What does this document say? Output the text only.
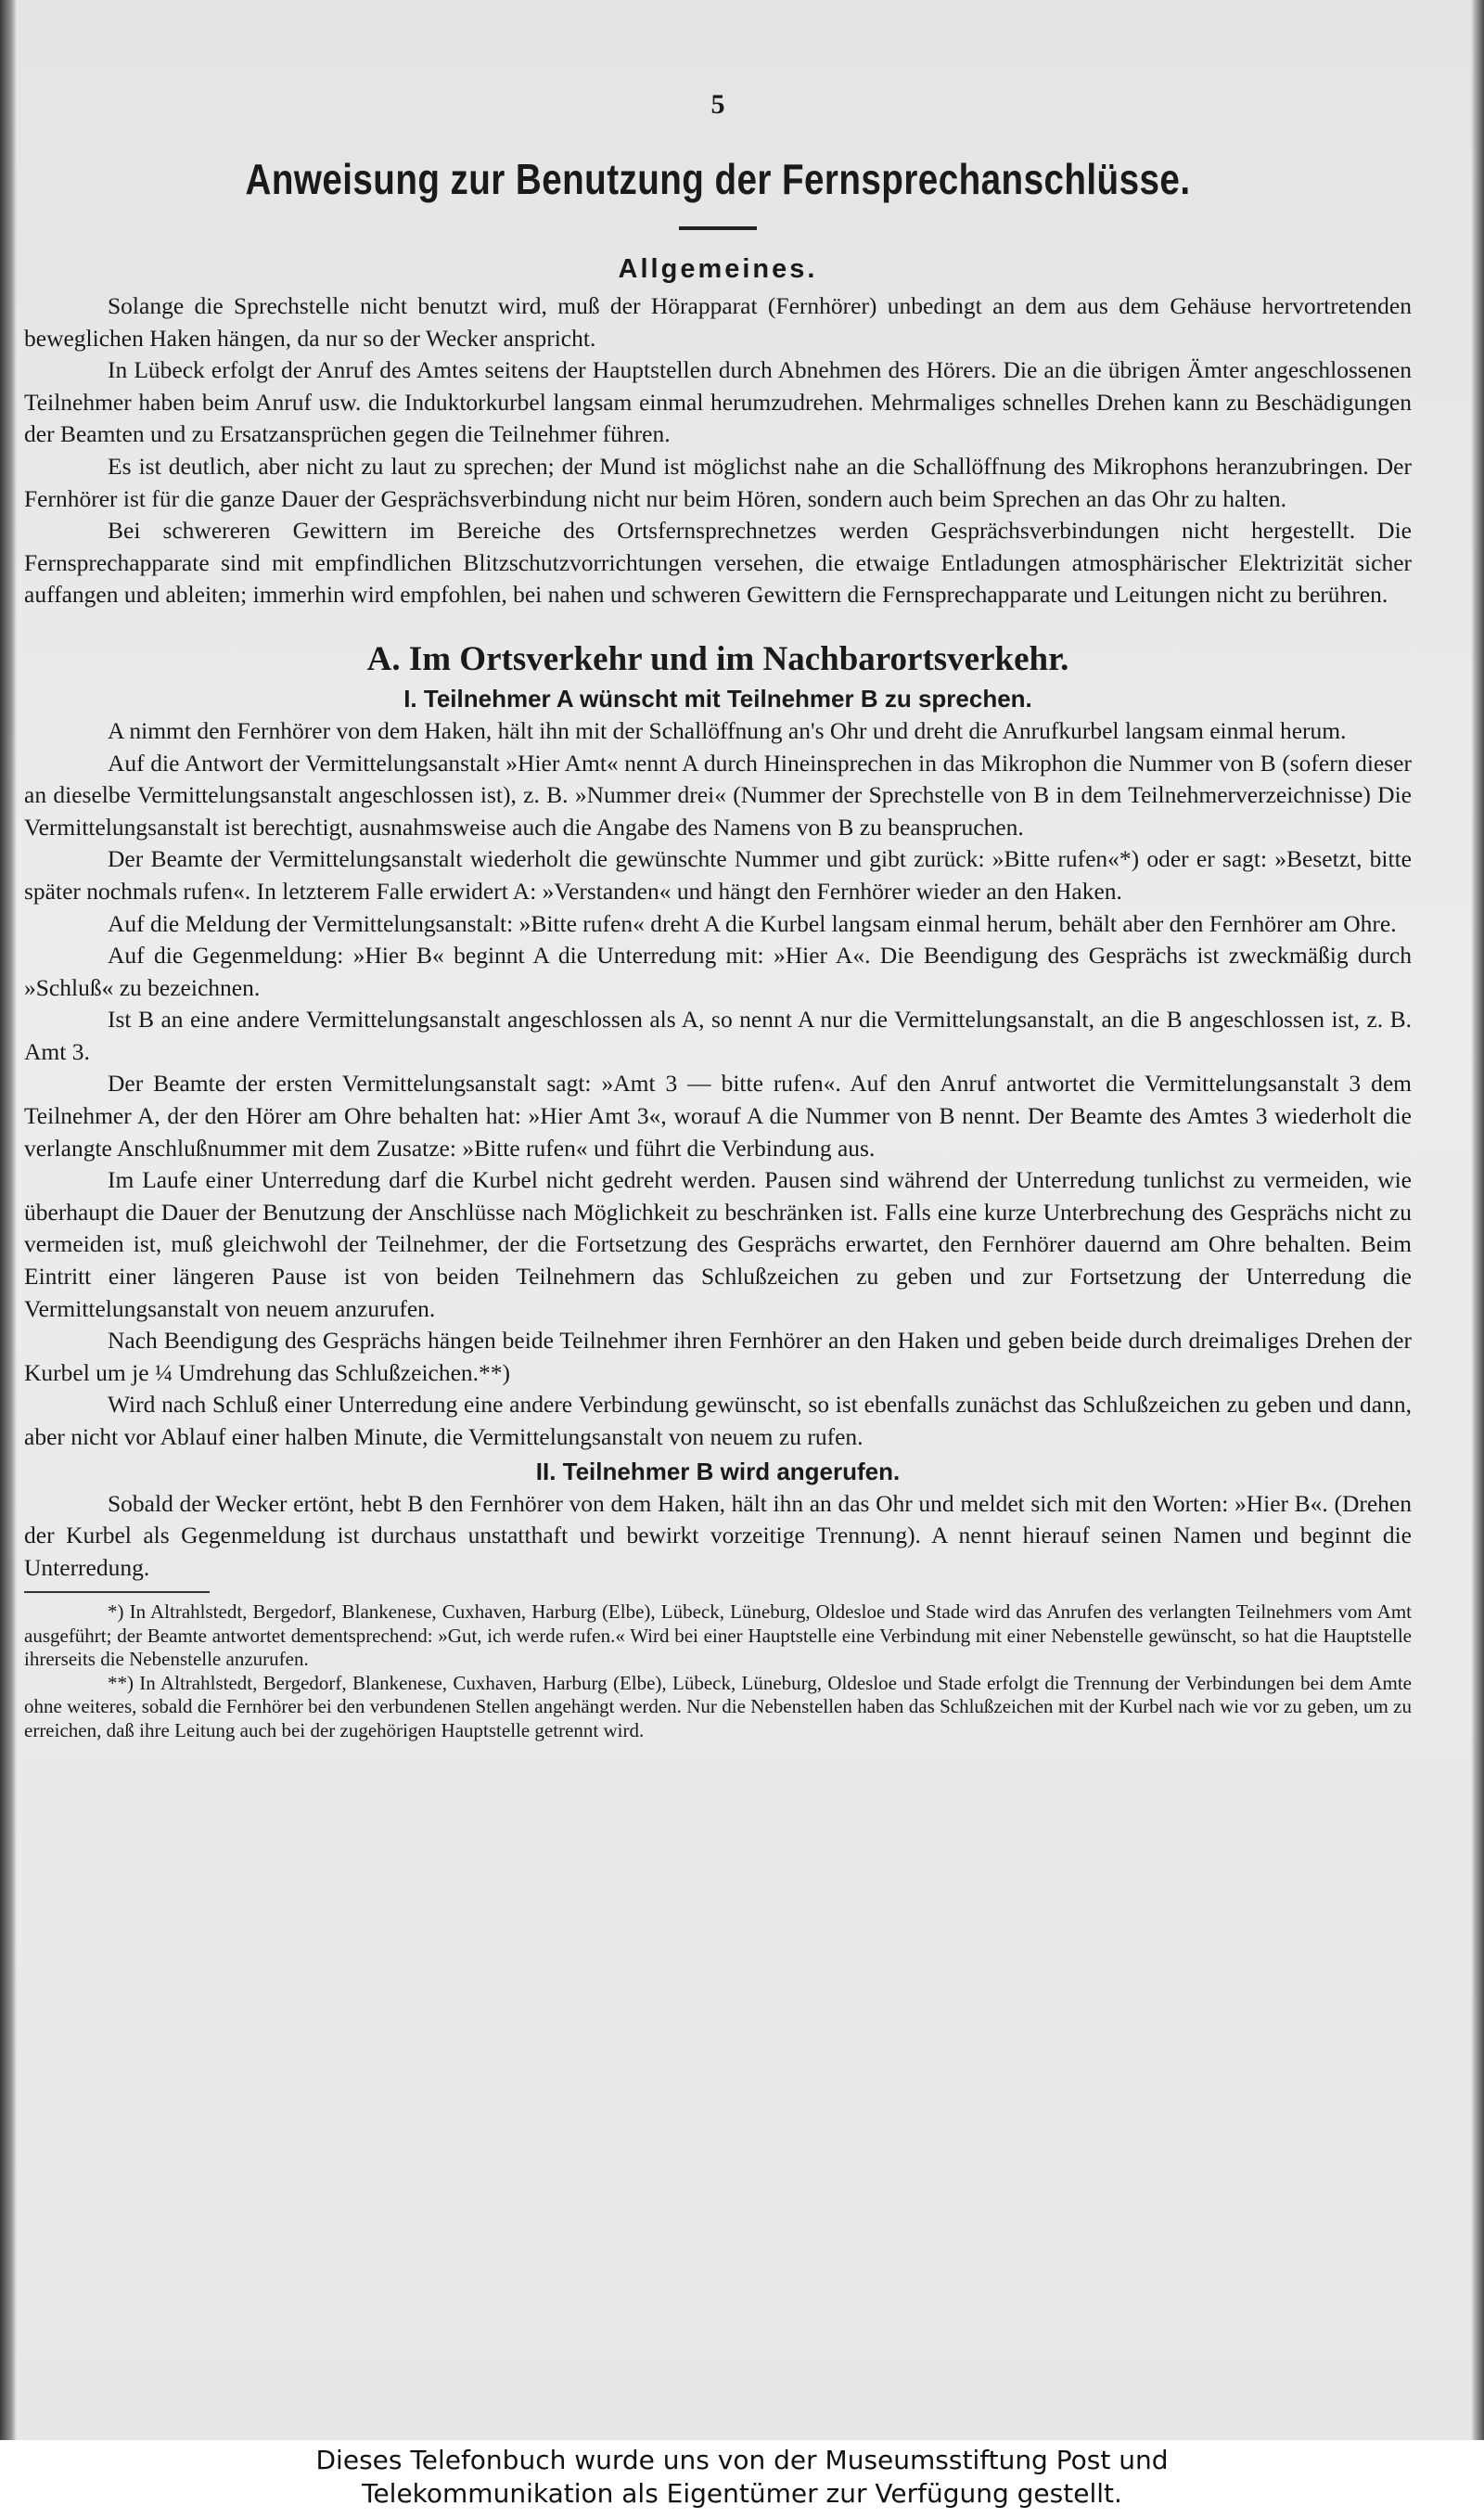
5
Anweisung zur Benutzung der Fernsprechanschlüsse.
Allgemeines.

Solange die Sprechstelle nicht benutzt wird, muß der Hörapparat (Fernhörer) unbedingt an dem aus dem Gehäuse hervortretenden beweglichen Haken hängen, da nur so der Wecker anspricht.

In Lübeck erfolgt der Anruf des Amtes seitens der Hauptstellen durch Abnehmen des Hörers. Die an die übrigen Ämter angeschlossenen Teilnehmer haben beim Anruf usw. die Induktorkurbel langsam einmal herumzudrehen. Mehrmaliges schnelles Drehen kann zu Beschädigungen der Beamten und zu Ersatzansprüchen gegen die Teilnehmer führen.

Es ist deutlich, aber nicht zu laut zu sprechen; der Mund ist möglichst nahe an die Schallöffnung des Mikrophons heranzubringen. Der Fernhörer ist für die ganze Dauer der Gesprächsverbindung nicht nur beim Hören, sondern auch beim Sprechen an das Ohr zu halten.

Bei schwereren Gewittern im Bereiche des Ortsfernsprechnetzes werden Gesprächsverbindungen nicht hergestellt. Die Fernsprechapparate sind mit empfindlichen Blitzschutzvorrichtungen versehen, die etwaige Entladungen atmosphärischer Elektrizität sicher auffangen und ableiten; immerhin wird empfohlen, bei nahen und schweren Gewittern die Fernsprechapparate und Leitungen nicht zu berühren.

A. Im Ortsverkehr und im Nachbarortsverkehr.
I. Teilnehmer A wünscht mit Teilnehmer B zu sprechen.

A nimmt den Fernhörer von dem Haken, hält ihn mit der Schallöffnung an's Ohr und dreht die Anrufkurbel langsam einmal herum.

Auf die Antwort der Vermittelungsanstalt »Hier Amt« nennt A durch Hineinsprechen in das Mikrophon die Nummer von B (sofern dieser an dieselbe Vermittelungsanstalt angeschlossen ist), z. B. »Nummer drei« (Nummer der Sprechstelle von B in dem Teilnehmerverzeichnisse) Die Vermittelungsanstalt ist berechtigt, ausnahmsweise auch die Angabe des Namens von B zu beanspruchen.

Der Beamte der Vermittelungsanstalt wiederholt die gewünschte Nummer und gibt zurück: »Bitte rufen«*) oder er sagt: »Besetzt, bitte später nochmals rufen«. In letzterem Falle erwidert A: »Verstanden« und hängt den Fernhörer wieder an den Haken.

Auf die Meldung der Vermittelungsanstalt: »Bitte rufen« dreht A die Kurbel langsam einmal herum, behält aber den Fernhörer am Ohre.

Auf die Gegenmeldung: »Hier B« beginnt A die Unterredung mit: »Hier A«. Die Beendigung des Gesprächs ist zweckmäßig durch »Schluß« zu bezeichnen.

Ist B an eine andere Vermittelungsanstalt angeschlossen als A, so nennt A nur die Vermittelungsanstalt, an die B angeschlossen ist, z. B. Amt 3.

Der Beamte der ersten Vermittelungsanstalt sagt: »Amt 3 — bitte rufen«. Auf den Anruf antwortet die Vermittelungsanstalt 3 dem Teilnehmer A, der den Hörer am Ohre behalten hat: »Hier Amt 3«, worauf A die Nummer von B nennt. Der Beamte des Amtes 3 wiederholt die verlangte Anschlußnummer mit dem Zusatze: »Bitte rufen« und führt die Verbindung aus.

Im Laufe einer Unterredung darf die Kurbel nicht gedreht werden. Pausen sind während der Unterredung tunlichst zu vermeiden, wie überhaupt die Dauer der Benutzung der Anschlüsse nach Möglichkeit zu beschränken ist. Falls eine kurze Unterbrechung des Gesprächs nicht zu vermeiden ist, muß gleichwohl der Teilnehmer, der die Fortsetzung des Gesprächs erwartet, den Fernhörer dauernd am Ohre behalten. Beim Eintritt einer längeren Pause ist von beiden Teilnehmern das Schlußzeichen zu geben und zur Fortsetzung der Unterredung die Vermittelungsanstalt von neuem anzurufen.

Nach Beendigung des Gesprächs hängen beide Teilnehmer ihren Fernhörer an den Haken und geben beide durch dreimaliges Drehen der Kurbel um je ¼ Umdrehung das Schlußzeichen.**)

Wird nach Schluß einer Unterredung eine andere Verbindung gewünscht, so ist ebenfalls zunächst das Schlußzeichen zu geben und dann, aber nicht vor Ablauf einer halben Minute, die Vermittelungsanstalt von neuem zu rufen.

II. Teilnehmer B wird angerufen.

Sobald der Wecker ertönt, hebt B den Fernhörer von dem Haken, hält ihn an das Ohr und meldet sich mit den Worten: »Hier B«. (Drehen der Kurbel als Gegenmeldung ist durchaus unstatthaft und bewirkt vorzeitige Trennung). A nennt hierauf seinen Namen und beginnt die Unterredung.

*) In Altrahlstedt, Bergedorf, Blankenese, Cuxhaven, Harburg (Elbe), Lübeck, Lüneburg, Oldesloe und Stade wird das Anrufen des verlangten Teilnehmers vom Amt ausgeführt; der Beamte antwortet dementsprechend: »Gut, ich werde rufen.« Wird bei einer Hauptstelle eine Verbindung mit einer Nebenstelle gewünscht, so hat die Hauptstelle ihrerseits die Nebenstelle anzurufen.

**) In Altrahlstedt, Bergedorf, Blankenese, Cuxhaven, Harburg (Elbe), Lübeck, Lüneburg, Oldesloe und Stade erfolgt die Trennung der Verbindungen bei dem Amte ohne weiteres, sobald die Fernhörer bei den verbundenen Stellen angehängt werden. Nur die Nebenstellen haben das Schlußzeichen mit der Kurbel nach wie vor zu geben, um zu erreichen, daß ihre Leitung auch bei der zugehörigen Hauptstelle getrennt wird.

Dieses Telefonbuch wurde uns von der Museumsstiftung Post und
Telekommunikation als Eigentümer zur Verfügung gestellt.
